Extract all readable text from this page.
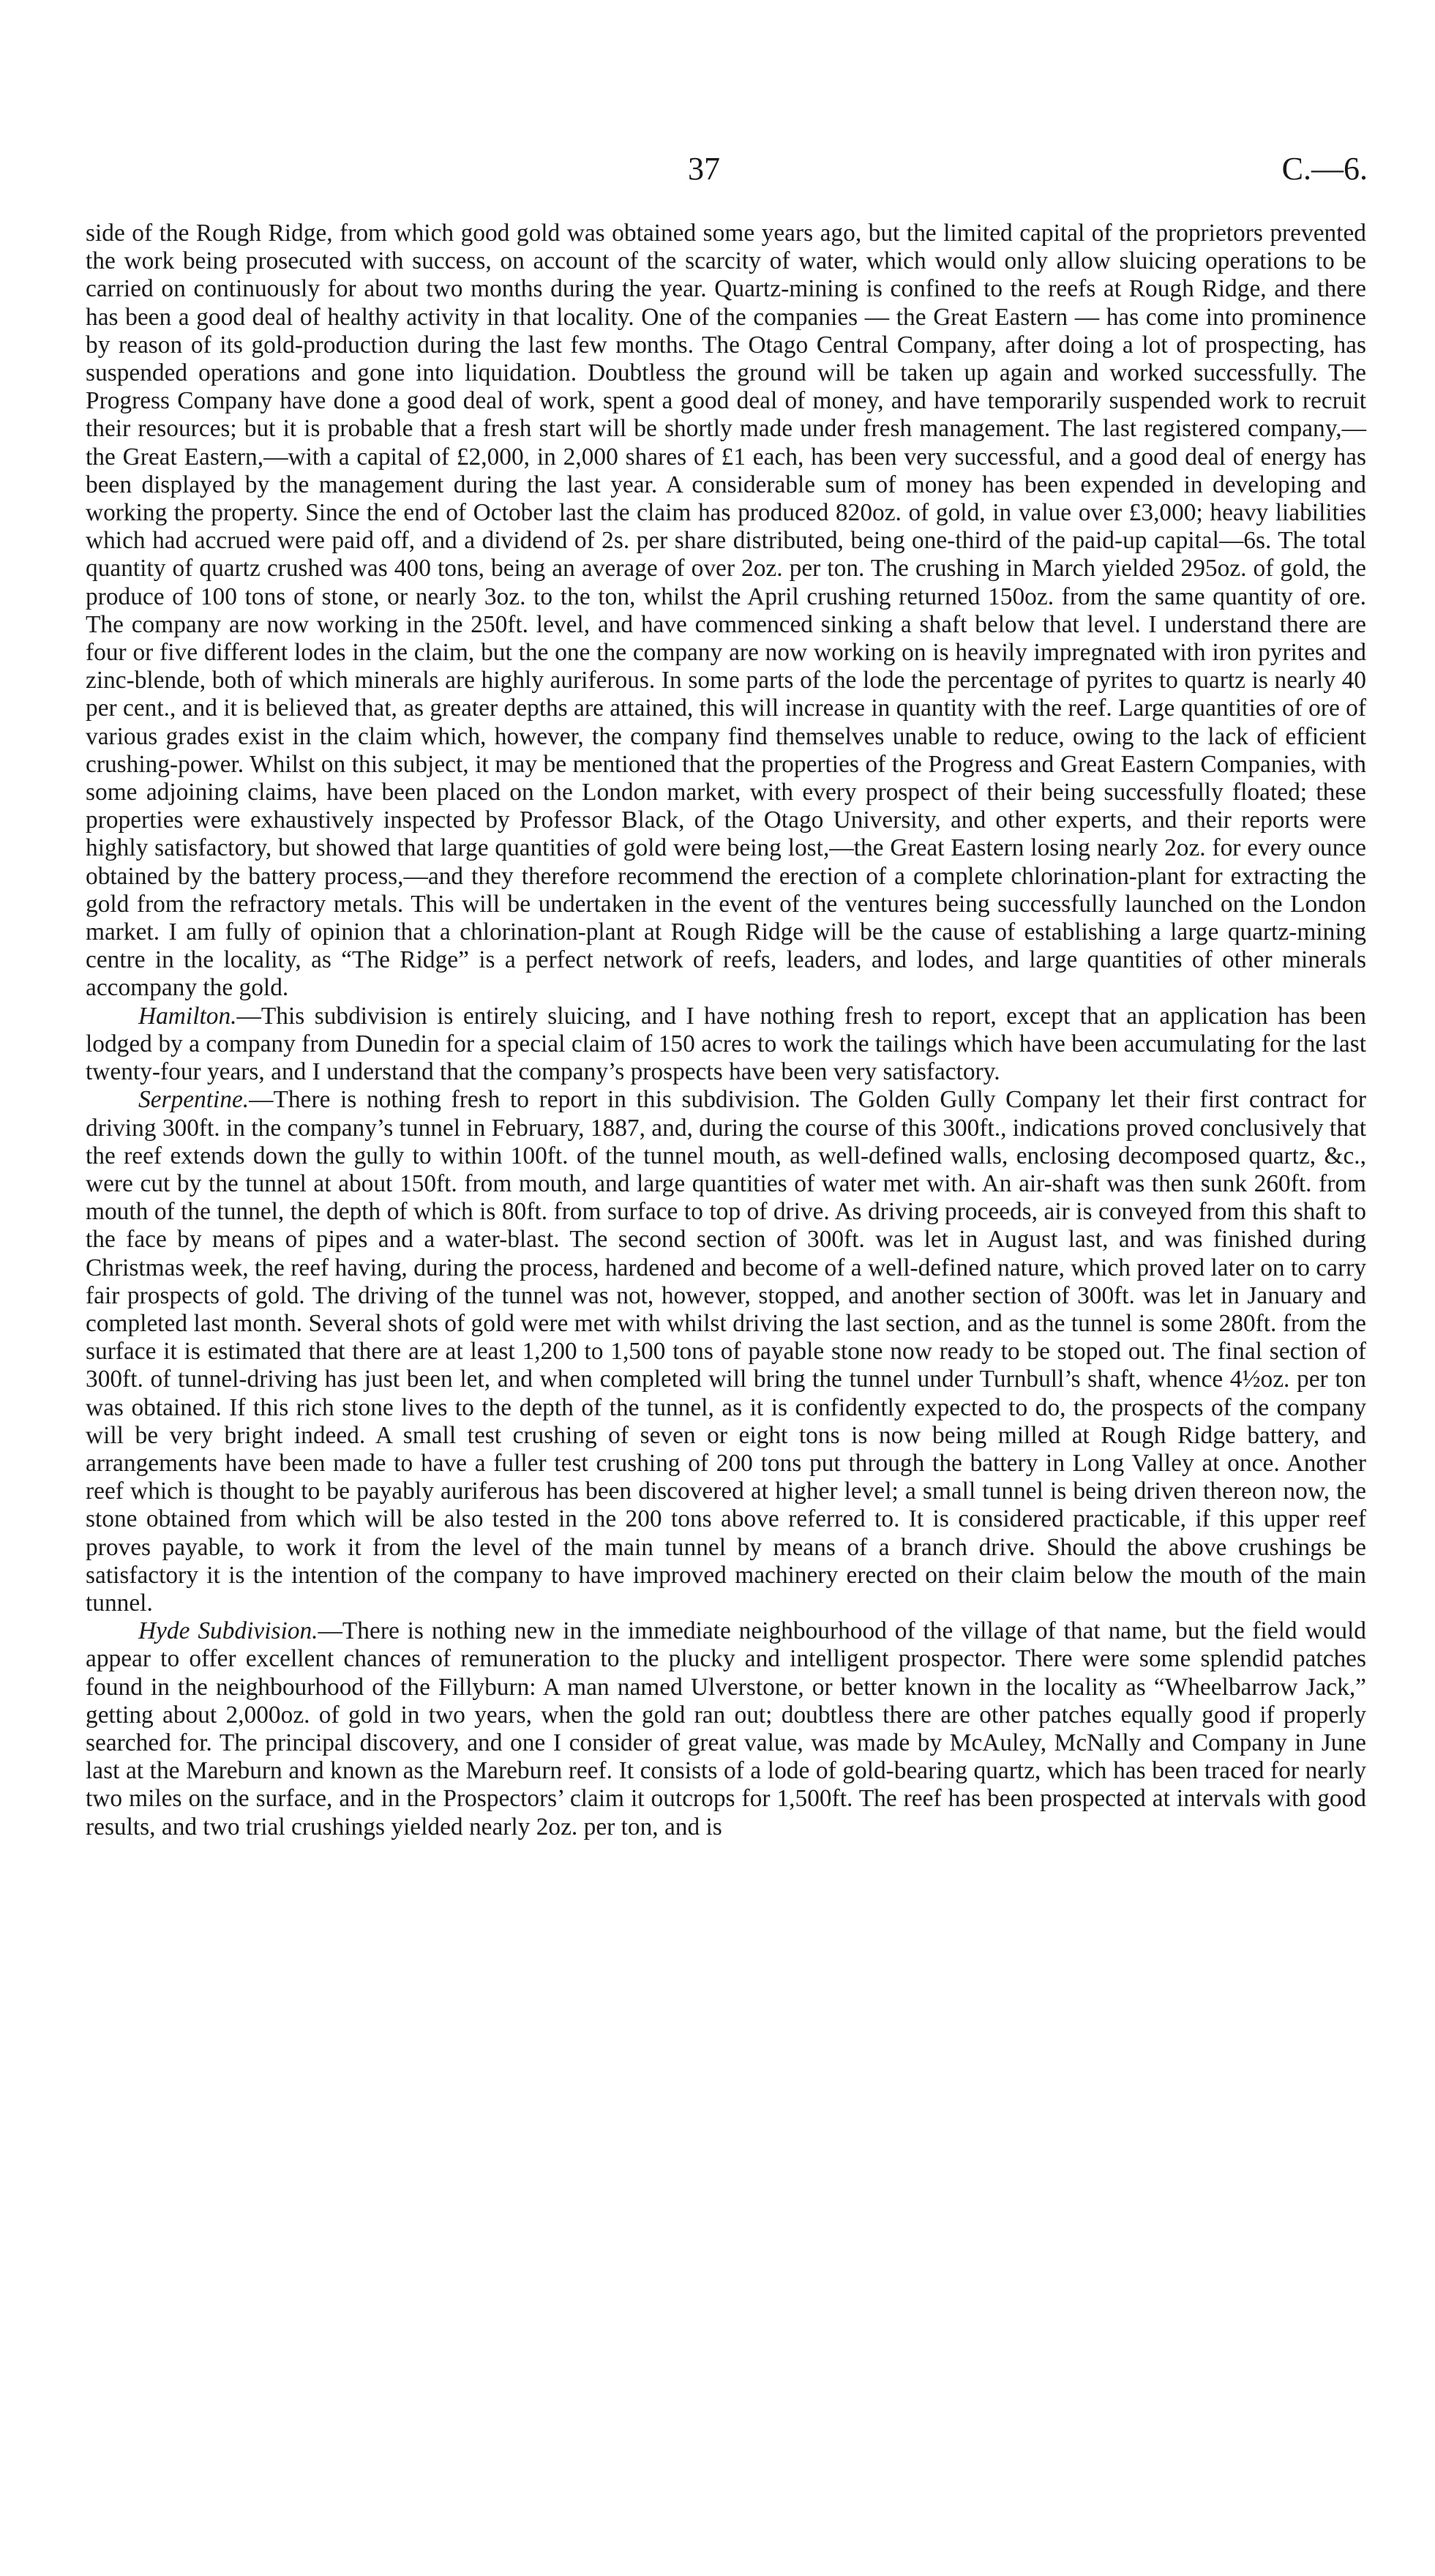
37	C.—6.

side of the Rough Ridge, from which good gold was obtained some years ago, but the limited capital of the proprietors prevented the work being prosecuted with success, on account of the scarcity of water, which would only allow sluicing operations to be carried on continuously for about two months during the year. Quartz-mining is confined to the reefs at Rough Ridge, and there has been a good deal of healthy activity in that locality. One of the companies — the Great Eastern — has come into prominence by reason of its gold-production during the last few months. The Otago Central Company, after doing a lot of prospecting, has suspended operations and gone into liquidation. Doubtless the ground will be taken up again and worked successfully. The Progress Company have done a good deal of work, spent a good deal of money, and have temporarily suspended work to recruit their resources; but it is probable that a fresh start will be shortly made under fresh management. The last registered company,—the Great Eastern,—with a capital of £2,000, in 2,000 shares of £1 each, has been very successful, and a good deal of energy has been displayed by the management during the last year. A considerable sum of money has been expended in developing and working the property. Since the end of October last the claim has produced 820oz. of gold, in value over £3,000; heavy liabilities which had accrued were paid off, and a dividend of 2s. per share distributed, being one-third of the paid-up capital—6s. The total quantity of quartz crushed was 400 tons, being an average of over 2oz. per ton. The crushing in March yielded 295oz. of gold, the produce of 100 tons of stone, or nearly 3oz. to the ton, whilst the April crushing returned 150oz. from the same quantity of ore. The company are now working in the 250ft. level, and have commenced sinking a shaft below that level. I understand there are four or five different lodes in the claim, but the one the company are now working on is heavily impregnated with iron pyrites and zinc-blende, both of which minerals are highly auriferous. In some parts of the lode the percentage of pyrites to quartz is nearly 40 per cent., and it is believed that, as greater depths are attained, this will increase in quantity with the reef. Large quantities of ore of various grades exist in the claim which, however, the company find themselves unable to reduce, owing to the lack of efficient crushing-power. Whilst on this subject, it may be mentioned that the properties of the Progress and Great Eastern Companies, with some adjoining claims, have been placed on the London market, with every prospect of their being successfully floated; these properties were exhaustively inspected by Professor Black, of the Otago University, and other experts, and their reports were highly satisfactory, but showed that large quantities of gold were being lost,—the Great Eastern losing nearly 2oz. for every ounce obtained by the battery process,—and they therefore recommend the erection of a complete chlorination-plant for extracting the gold from the refractory metals. This will be undertaken in the event of the ventures being successfully launched on the London market. I am fully of opinion that a chlorination-plant at Rough Ridge will be the cause of establishing a large quartz-mining centre in the locality, as “The Ridge” is a perfect network of reefs, leaders, and lodes, and large quantities of other minerals accompany the gold.

Hamilton.—This subdivision is entirely sluicing, and I have nothing fresh to report, except that an application has been lodged by a company from Dunedin for a special claim of 150 acres to work the tailings which have been accumulating for the last twenty-four years, and I understand that the company’s prospects have been very satisfactory.

Serpentine.—There is nothing fresh to report in this subdivision. The Golden Gully Company let their first contract for driving 300ft. in the company’s tunnel in February, 1887, and, during the course of this 300ft., indications proved conclusively that the reef extends down the gully to within 100ft. of the tunnel mouth, as well-defined walls, enclosing decomposed quartz, &c., were cut by the tunnel at about 150ft. from mouth, and large quantities of water met with. An air-shaft was then sunk 260ft. from mouth of the tunnel, the depth of which is 80ft. from surface to top of drive. As driving proceeds, air is conveyed from this shaft to the face by means of pipes and a water-blast. The second section of 300ft. was let in August last, and was finished during Christmas week, the reef having, during the process, hardened and become of a well-defined nature, which proved later on to carry fair prospects of gold. The driving of the tunnel was not, however, stopped, and another section of 300ft. was let in January and completed last month. Several shots of gold were met with whilst driving the last section, and as the tunnel is some 280ft. from the surface it is estimated that there are at least 1,200 to 1,500 tons of payable stone now ready to be stoped out. The final section of 300ft. of tunnel-driving has just been let, and when completed will bring the tunnel under Turnbull’s shaft, whence 4½oz. per ton was obtained. If this rich stone lives to the depth of the tunnel, as it is confidently expected to do, the prospects of the company will be very bright indeed. A small test crushing of seven or eight tons is now being milled at Rough Ridge battery, and arrangements have been made to have a fuller test crushing of 200 tons put through the battery in Long Valley at once. Another reef which is thought to be payably auriferous has been discovered at higher level; a small tunnel is being driven thereon now, the stone obtained from which will be also tested in the 200 tons above referred to. It is considered practicable, if this upper reef proves payable, to work it from the level of the main tunnel by means of a branch drive. Should the above crushings be satisfactory it is the intention of the company to have improved machinery erected on their claim below the mouth of the main tunnel.

Hyde Subdivision.—There is nothing new in the immediate neighbourhood of the village of that name, but the field would appear to offer excellent chances of remuneration to the plucky and intelligent prospector. There were some splendid patches found in the neighbourhood of the Fillyburn: A man named Ulverstone, or better known in the locality as “Wheelbarrow Jack,” getting about 2,000oz. of gold in two years, when the gold ran out; doubtless there are other patches equally good if properly searched for. The principal discovery, and one I consider of great value, was made by McAuley, McNally and Company in June last at the Mareburn and known as the Mareburn reef. It consists of a lode of gold-bearing quartz, which has been traced for nearly two miles on the surface, and in the Prospectors’ claim it outcrops for 1,500ft. The reef has been prospected at intervals with good results, and two trial crushings yielded nearly 2oz. per ton, and is
